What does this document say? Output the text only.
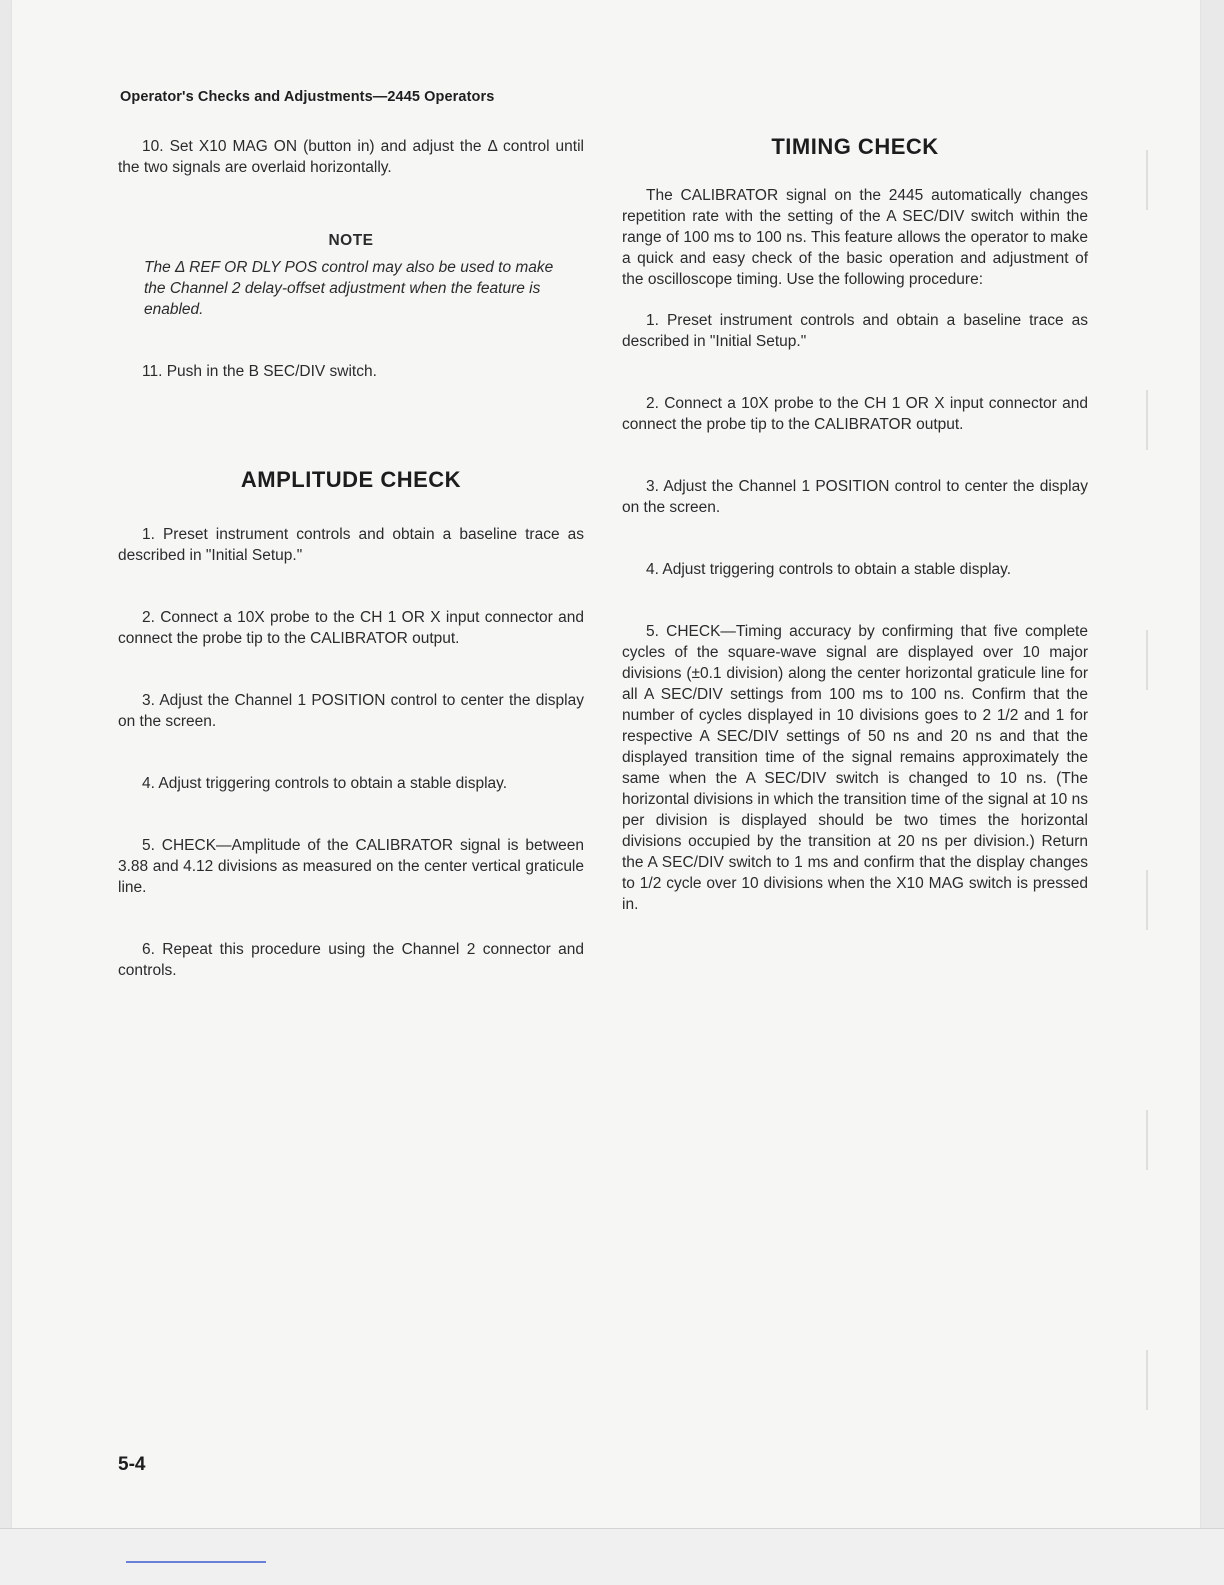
Operator's Checks and Adjustments—2445 Operators

10. Set X10 MAG ON (button in) and adjust the Δ control until the two signals are overlaid horizontally.

NOTE

The Δ REF OR DLY POS control may also be used to make the Channel 2 delay-offset adjustment when the feature is enabled.

11. Push in the B SEC/DIV switch.

AMPLITUDE CHECK

1. Preset instrument controls and obtain a baseline trace as described in "Initial Setup."

2. Connect a 10X probe to the CH 1 OR X input connector and connect the probe tip to the CALIBRATOR output.

3. Adjust the Channel 1 POSITION control to center the display on the screen.

4. Adjust triggering controls to obtain a stable display.

5. CHECK—Amplitude of the CALIBRATOR signal is between 3.88 and 4.12 divisions as measured on the center vertical graticule line.

6. Repeat this procedure using the Channel 2 connector and controls.

TIMING CHECK

The CALIBRATOR signal on the 2445 automatically changes repetition rate with the setting of the A SEC/DIV switch within the range of 100 ms to 100 ns. This feature allows the operator to make a quick and easy check of the basic operation and adjustment of the oscilloscope timing. Use the following procedure:

1. Preset instrument controls and obtain a baseline trace as described in "Initial Setup."

2. Connect a 10X probe to the CH 1 OR X input connector and connect the probe tip to the CALIBRATOR output.

3. Adjust the Channel 1 POSITION control to center the display on the screen.

4. Adjust triggering controls to obtain a stable display.

5. CHECK—Timing accuracy by confirming that five complete cycles of the square-wave signal are displayed over 10 major divisions (±0.1 division) along the center horizontal graticule line for all A SEC/DIV settings from 100 ms to 100 ns. Confirm that the number of cycles displayed in 10 divisions goes to 2 1/2 and 1 for respective A SEC/DIV settings of 50 ns and 20 ns and that the displayed transition time of the signal remains approximately the same when the A SEC/DIV switch is changed to 10 ns. (The horizontal divisions in which the transition time of the signal at 10 ns per division is displayed should be two times the horizontal divisions occupied by the transition at 20 ns per division.) Return the A SEC/DIV switch to 1 ms and confirm that the display changes to 1/2 cycle over 10 divisions when the X10 MAG switch is pressed in.

5-4
